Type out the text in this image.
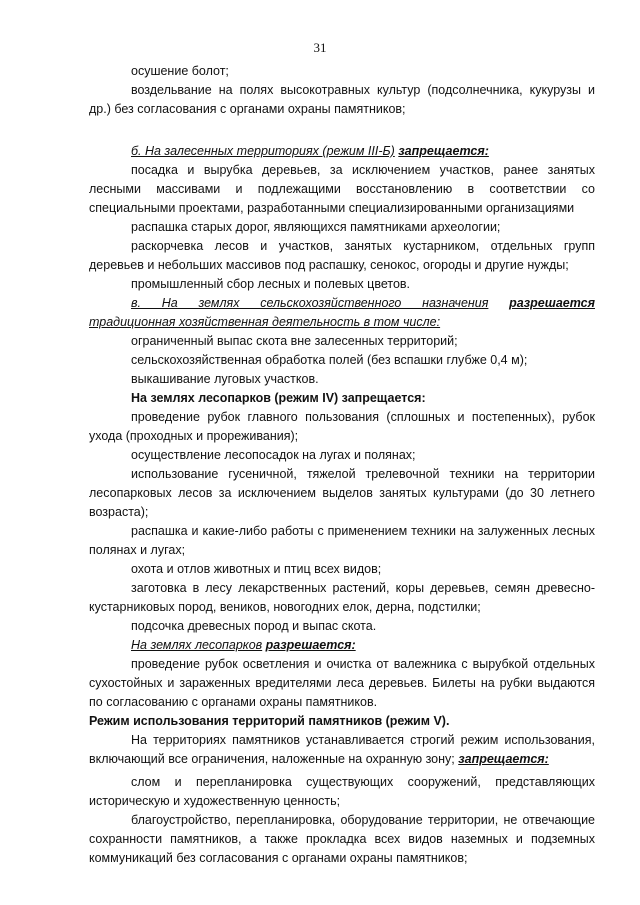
31
осушение болот;
воздельвание на полях высокотравных культур (подсолнечника, кукурузы и др.) без согласования с органами охраны памятников;
б. На залесенных территориях (режим III-Б) запрещается:
посадка и вырубка деревьев, за исключением участков, ранее занятых лесными массивами и подлежащими восстановлению в соответствии со специальными проектами, разработанными специализированными организациями
распашка старых дорог, являющихся памятниками археологии;
раскорчевка лесов и участков, занятых кустарником, отдельных групп деревьев и небольших массивов под распашку, сенокос, огороды и другие нужды;
промышленный сбор лесных и полевых цветов.
в. На землях сельскохозяйственного назначения разрешается традиционная хозяйственная деятельность в том числе:
ограниченный выпас скота вне залесенных территорий;
сельскохозяйственная обработка полей (без вспашки глубже 0,4 м);
выкашивание луговых участков.
На землях лесопарков (режим IV) запрещается:
проведение рубок главного пользования (сплошных и постепенных), рубок ухода (проходных и прореживания);
осуществление лесопосадок на лугах и полянах;
использование гусеничной, тяжелой трелевочной техники на территории лесопарковых лесов за исключением выделов занятых культурами (до 30 летнего возраста);
распашка и какие-либо работы с применением техники на залуженных лесных полянах и лугах;
охота и отлов животных и птиц всех видов;
заготовка в лесу лекарственных растений, коры деревьев, семян древесно-кустарниковых пород, веников, новогодних елок, дерна, подстилки;
подсочка древесных пород и выпас скота.
На землях лесопарков разрешается:
проведение рубок осветления и очистка от валежника с вырубкой отдельных сухостойных и зараженных вредителями леса деревьев. Билеты на рубки выдаются по согласованию с органами охраны памятников.
Режим использования территорий памятников (режим V).
На территориях памятников устанавливается строгий режим использования, включающий все ограничения, наложенные на охранную зону; запрещается:
слом и перепланировка существующих сооружений, представляющих историческую и художественную ценность;
благоустройство, перепланировка, оборудование территории, не отвечающие сохранности памятников, а также прокладка всех видов наземных и подземных коммуникаций без согласования с органами охраны памятников;
